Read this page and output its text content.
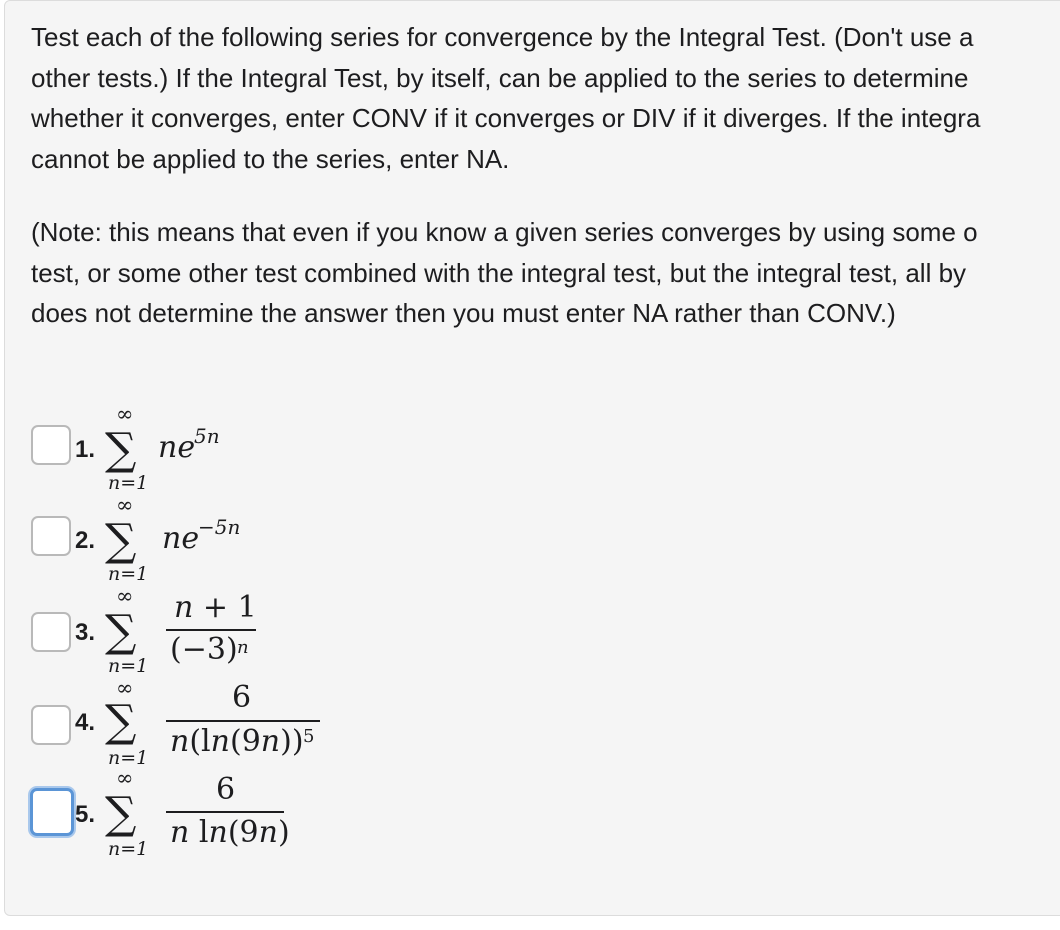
Test each of the following series for convergence by the Integral Test. (Don't use a
other tests.) If the Integral Test, by itself, can be applied to the series to determine
whether it converges, enter CONV if it converges or DIV if it diverges. If the integra
cannot be applied to the series, enter NA.
(Note: this means that even if you know a given series converges by using some o
test, or some other test combined with the integral test, but the integral test, all by
does not determine the answer then you must enter NA rather than CONV.)
1.
∞
∑
n=1
ne
5n
2.
∞
∑
n=1
ne
−5n
3.
∞
∑
n=1
n + 1
(−3) n
4.
∞
∑
n=1
6
n(ln(9n)) 5
5.
∞
∑
n=1
6
n ln(9n)
